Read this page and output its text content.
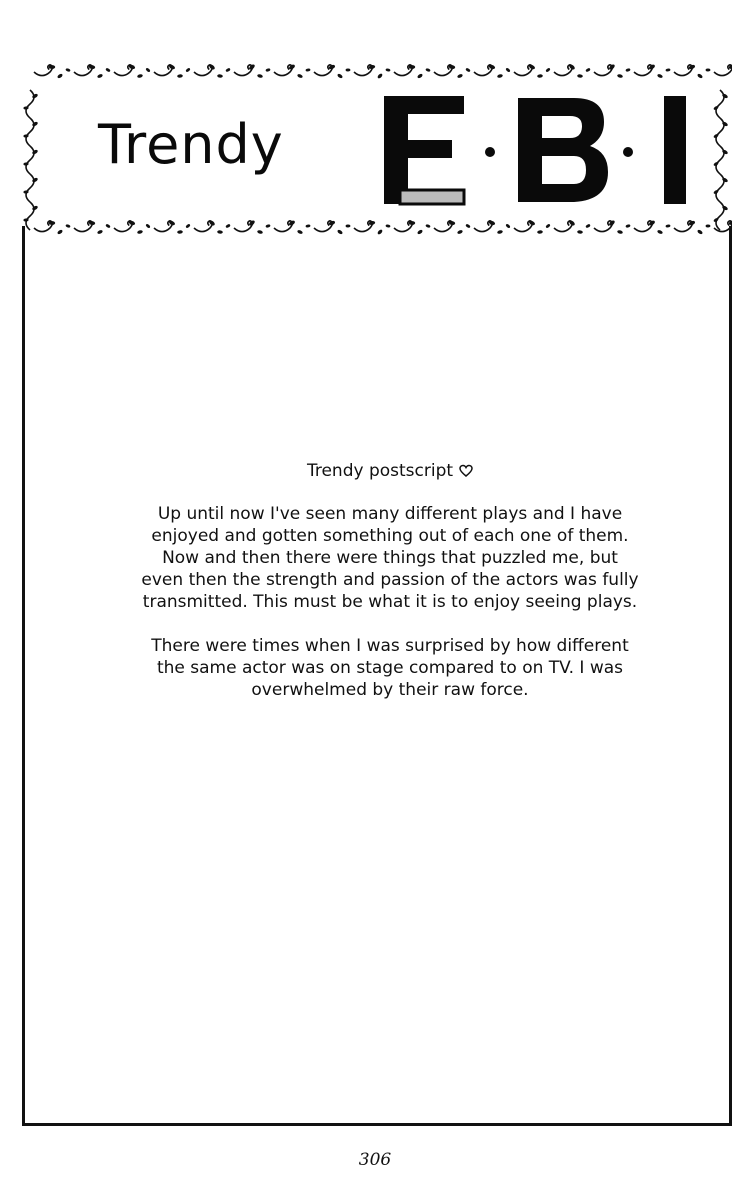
Trendy
Trendy postscript

Up until now I've seen many different plays and I have enjoyed and gotten something out of each one of them. Now and then there were things that puzzled me, but even then the strength and passion of the actors was fully transmitted. This must be what it is to enjoy seeing plays.

There were times when I was surprised by how different the same actor was on stage compared to on TV. I was overwhelmed by their raw force.

306
